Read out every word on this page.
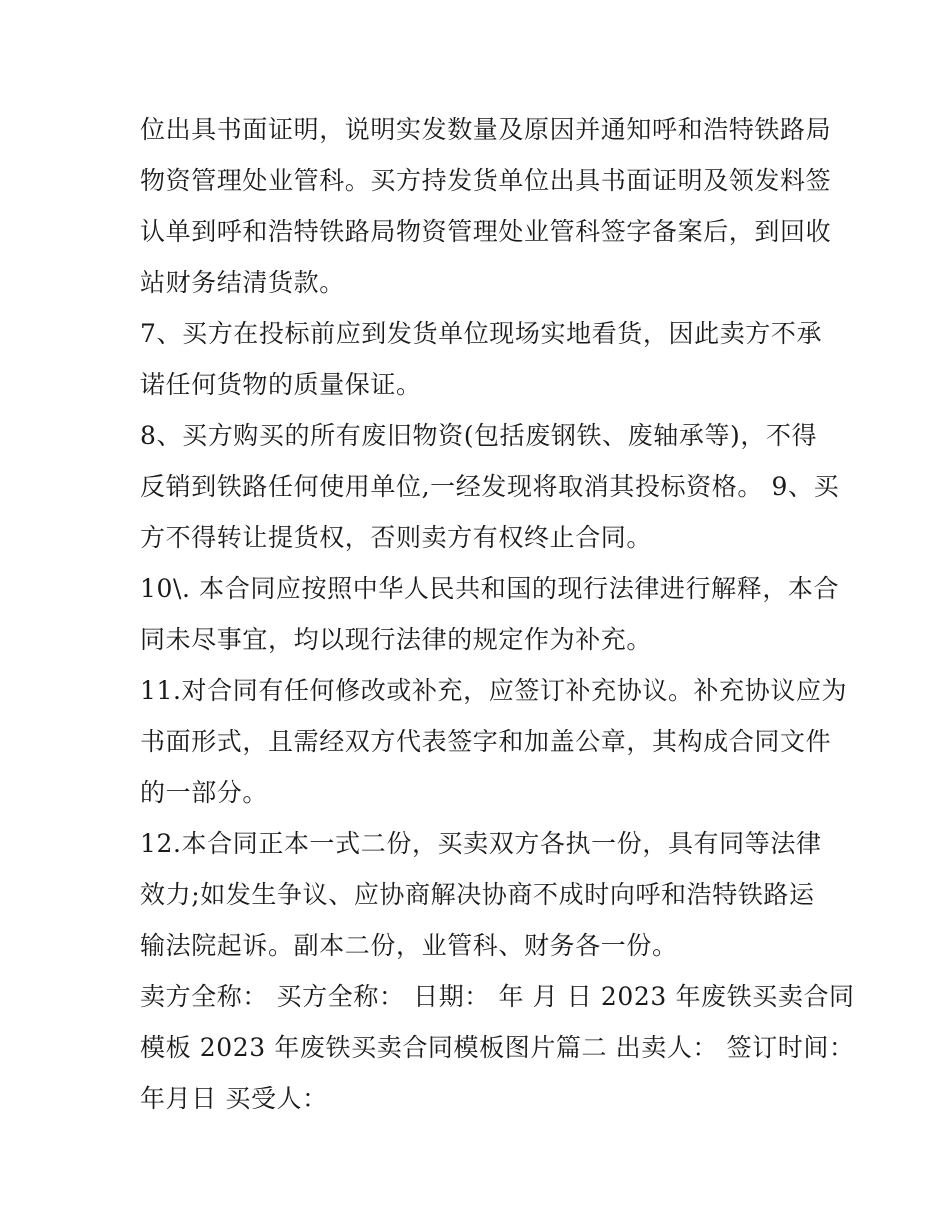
位出具书面证明，说明实发数量及原因并通知呼和浩特铁路局
物资管理处业管科。买方持发货单位出具书面证明及领发料签
认单到呼和浩特铁路局物资管理处业管科签字备案后，到回收
站财务结清货款。
7、买方在投标前应到发货单位现场实地看货，因此卖方不承
诺任何货物的质量保证。
8、买方购买的所有废旧物资(包括废钢铁、废轴承等)，不得
反销到铁路任何使用单位,一经发现将取消其投标资格。 9、买
方不得转让提货权，否则卖方有权终止合同。
10\. 本合同应按照中华人民共和国的现行法律进行解释，本合
同未尽事宜，均以现行法律的规定作为补充。
11.对合同有任何修改或补充，应签订补充协议。补充协议应为
书面形式，且需经双方代表签字和加盖公章，其构成合同文件
的一部分。
12.本合同正本一式二份，买卖双方各执一份，具有同等法律
效力;如发生争议、应协商解决协商不成时向呼和浩特铁路运
输法院起诉。副本二份，业管科、财务各一份。
卖方全称： 买方全称： 日期： 年 月 日 2023 年废铁买卖合同
模板 2023 年废铁买卖合同模板图片篇二 出卖人： 签订时间：
年月日 买受人：
